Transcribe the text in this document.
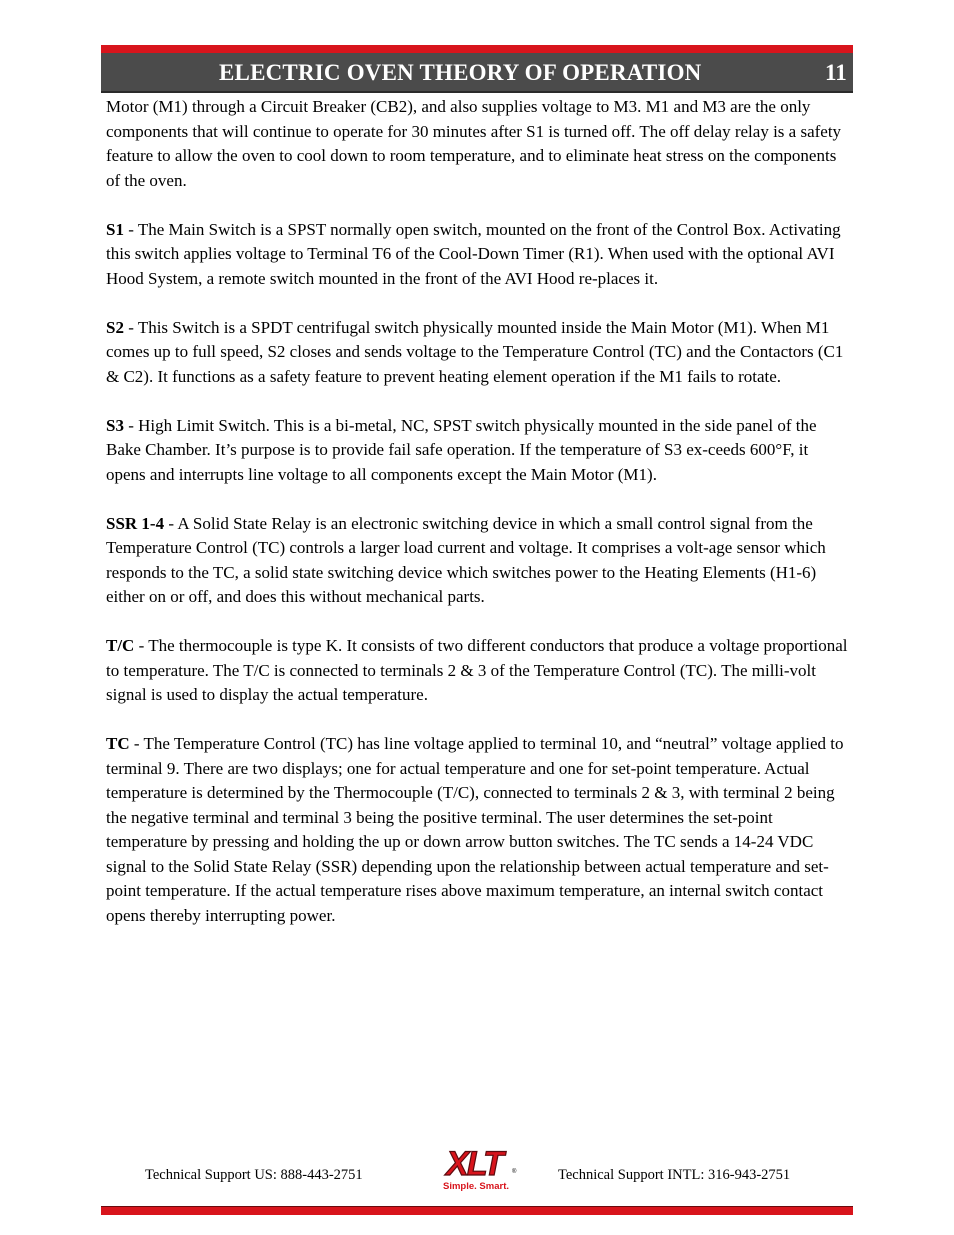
ELECTRIC OVEN THEORY OF OPERATION	11

Motor (M1) through a Circuit Breaker (CB2), and also supplies voltage to M3. M1 and M3 are the only components that will continue to operate for 30 minutes after S1 is turned off. The off delay relay is a safety feature to allow the oven to cool down to room temperature, and to eliminate heat stress on the components of the oven.

S1 - The Main Switch is a SPST normally open switch, mounted on the front of the Control Box. Activating this switch applies voltage to Terminal T6 of the Cool-Down Timer (R1). When used with the optional AVI Hood System, a remote switch mounted in the front of the AVI Hood re-places it.

S2 - This Switch is a SPDT centrifugal switch physically mounted inside the Main Motor (M1). When M1 comes up to full speed, S2 closes and sends voltage to the Temperature Control (TC) and the Contactors (C1 & C2). It functions as a safety feature to prevent heating element operation if the M1 fails to rotate.

S3 - High Limit Switch. This is a bi-metal, NC, SPST switch physically mounted in the side panel of the Bake Chamber. It’s purpose is to provide fail safe operation. If the temperature of S3 ex-ceeds 600°F, it opens and interrupts line voltage to all components except the Main Motor (M1).

SSR 1-4 - A Solid State Relay is an electronic switching device in which a small control signal from the Temperature Control (TC) controls a larger load current and voltage. It comprises a volt-age sensor which responds to the TC, a solid state switching device which switches power to the Heating Elements (H1-6) either on or off, and does this without mechanical parts.

T/C - The thermocouple is type K. It consists of two different conductors that produce a voltage proportional to temperature. The T/C is connected to terminals 2 & 3 of the Temperature Control (TC). The milli-volt signal is used to display the actual temperature.

TC - The Temperature Control (TC) has line voltage applied to terminal 10, and “neutral” voltage applied to terminal 9. There are two displays; one for actual temperature and one for set-point temperature. Actual temperature is determined by the Thermocouple (T/C), connected to terminals 2 & 3, with terminal 2 being the negative terminal and terminal 3 being the positive terminal. The user determines the set-point temperature by pressing and holding the up or down arrow button switches. The TC sends a 14-24 VDC signal to the Solid State Relay (SSR) depending upon the relationship between actual temperature and set-point temperature. If the actual temperature rises above maximum temperature, an internal switch contact opens thereby interrupting power.

Technical Support US: 888-443-2751 XLT	®
Simple. Smart.
Technical Support INTL: 316-943-2751
